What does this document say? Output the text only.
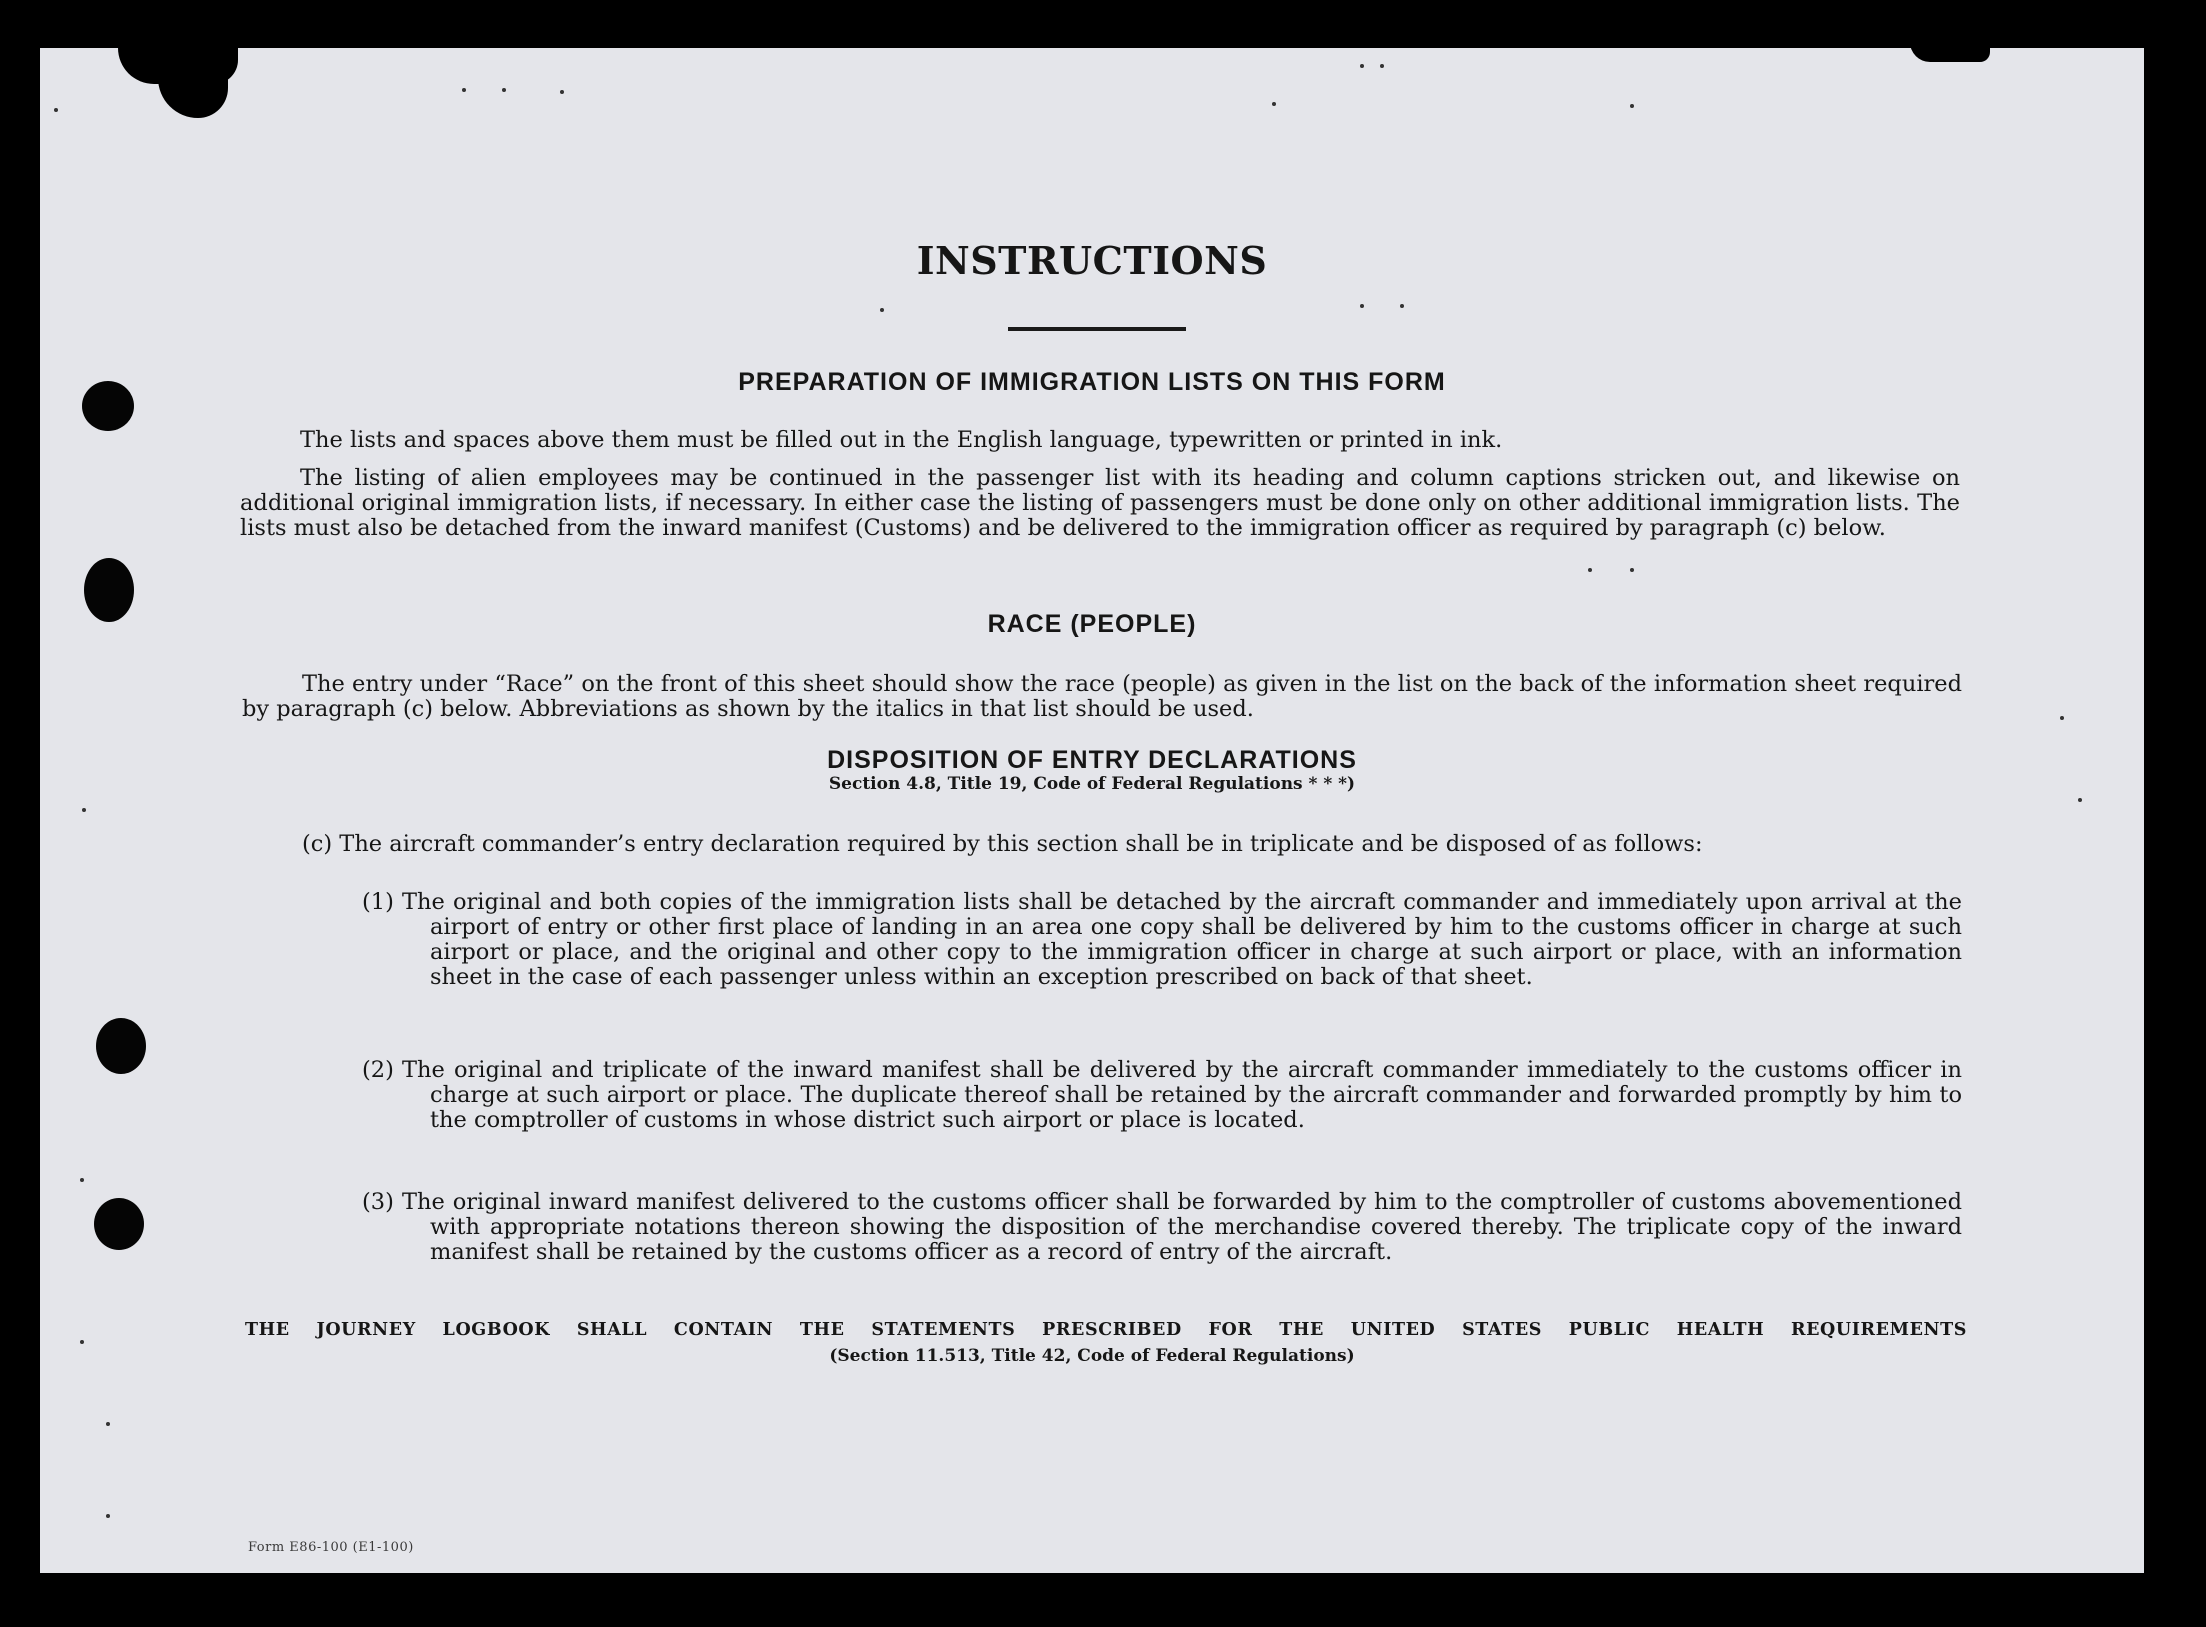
INSTRUCTIONS
PREPARATION OF IMMIGRATION LISTS ON THIS FORM
The lists and spaces above them must be filled out in the English language, typewritten or printed in ink.
The listing of alien employees may be continued in the passenger list with its heading and column captions stricken out, and likewise on additional original immigration lists, if necessary. In either case the listing of passengers must be done only on other additional immigration lists. The lists must also be detached from the inward manifest (Customs) and be delivered to the immigration officer as required by paragraph (c) below.
RACE (PEOPLE)
The entry under “Race” on the front of this sheet should show the race (people) as given in the list on the back of the information sheet required by paragraph (c) below. Abbreviations as shown by the italics in that list should be used.
DISPOSITION OF ENTRY DECLARATIONS
Section 4.8, Title 19, Code of Federal Regulations * * *)
(c) The aircraft commander’s entry declaration required by this section shall be in triplicate and be disposed of as follows:
(1) The original and both copies of the immigration lists shall be detached by the aircraft commander and immediately upon arrival at the airport of entry or other first place of landing in an area one copy shall be delivered by him to the customs officer in charge at such airport or place, and the original and other copy to the immigration officer in charge at such airport or place, with an information sheet in the case of each passenger unless within an exception prescribed on back of that sheet.
(2) The original and triplicate of the inward manifest shall be delivered by the aircraft commander immediately to the customs officer in charge at such airport or place. The duplicate thereof shall be retained by the aircraft commander and forwarded promptly by him to the comptroller of customs in whose district such airport or place is located.
(3) The original inward manifest delivered to the customs officer shall be forwarded by him to the comptroller of customs abovementioned with appropriate notations thereon showing the disposition of the merchandise covered thereby. The triplicate copy of the inward manifest shall be retained by the customs officer as a record of entry of the aircraft.
THE JOURNEY LOGBOOK SHALL CONTAIN THE STATEMENTS PRESCRIBED FOR THE UNITED STATES PUBLIC HEALTH REQUIREMENTS
(Section 11.513, Title 42, Code of Federal Regulations)
Form E86-100 (E1-100)
